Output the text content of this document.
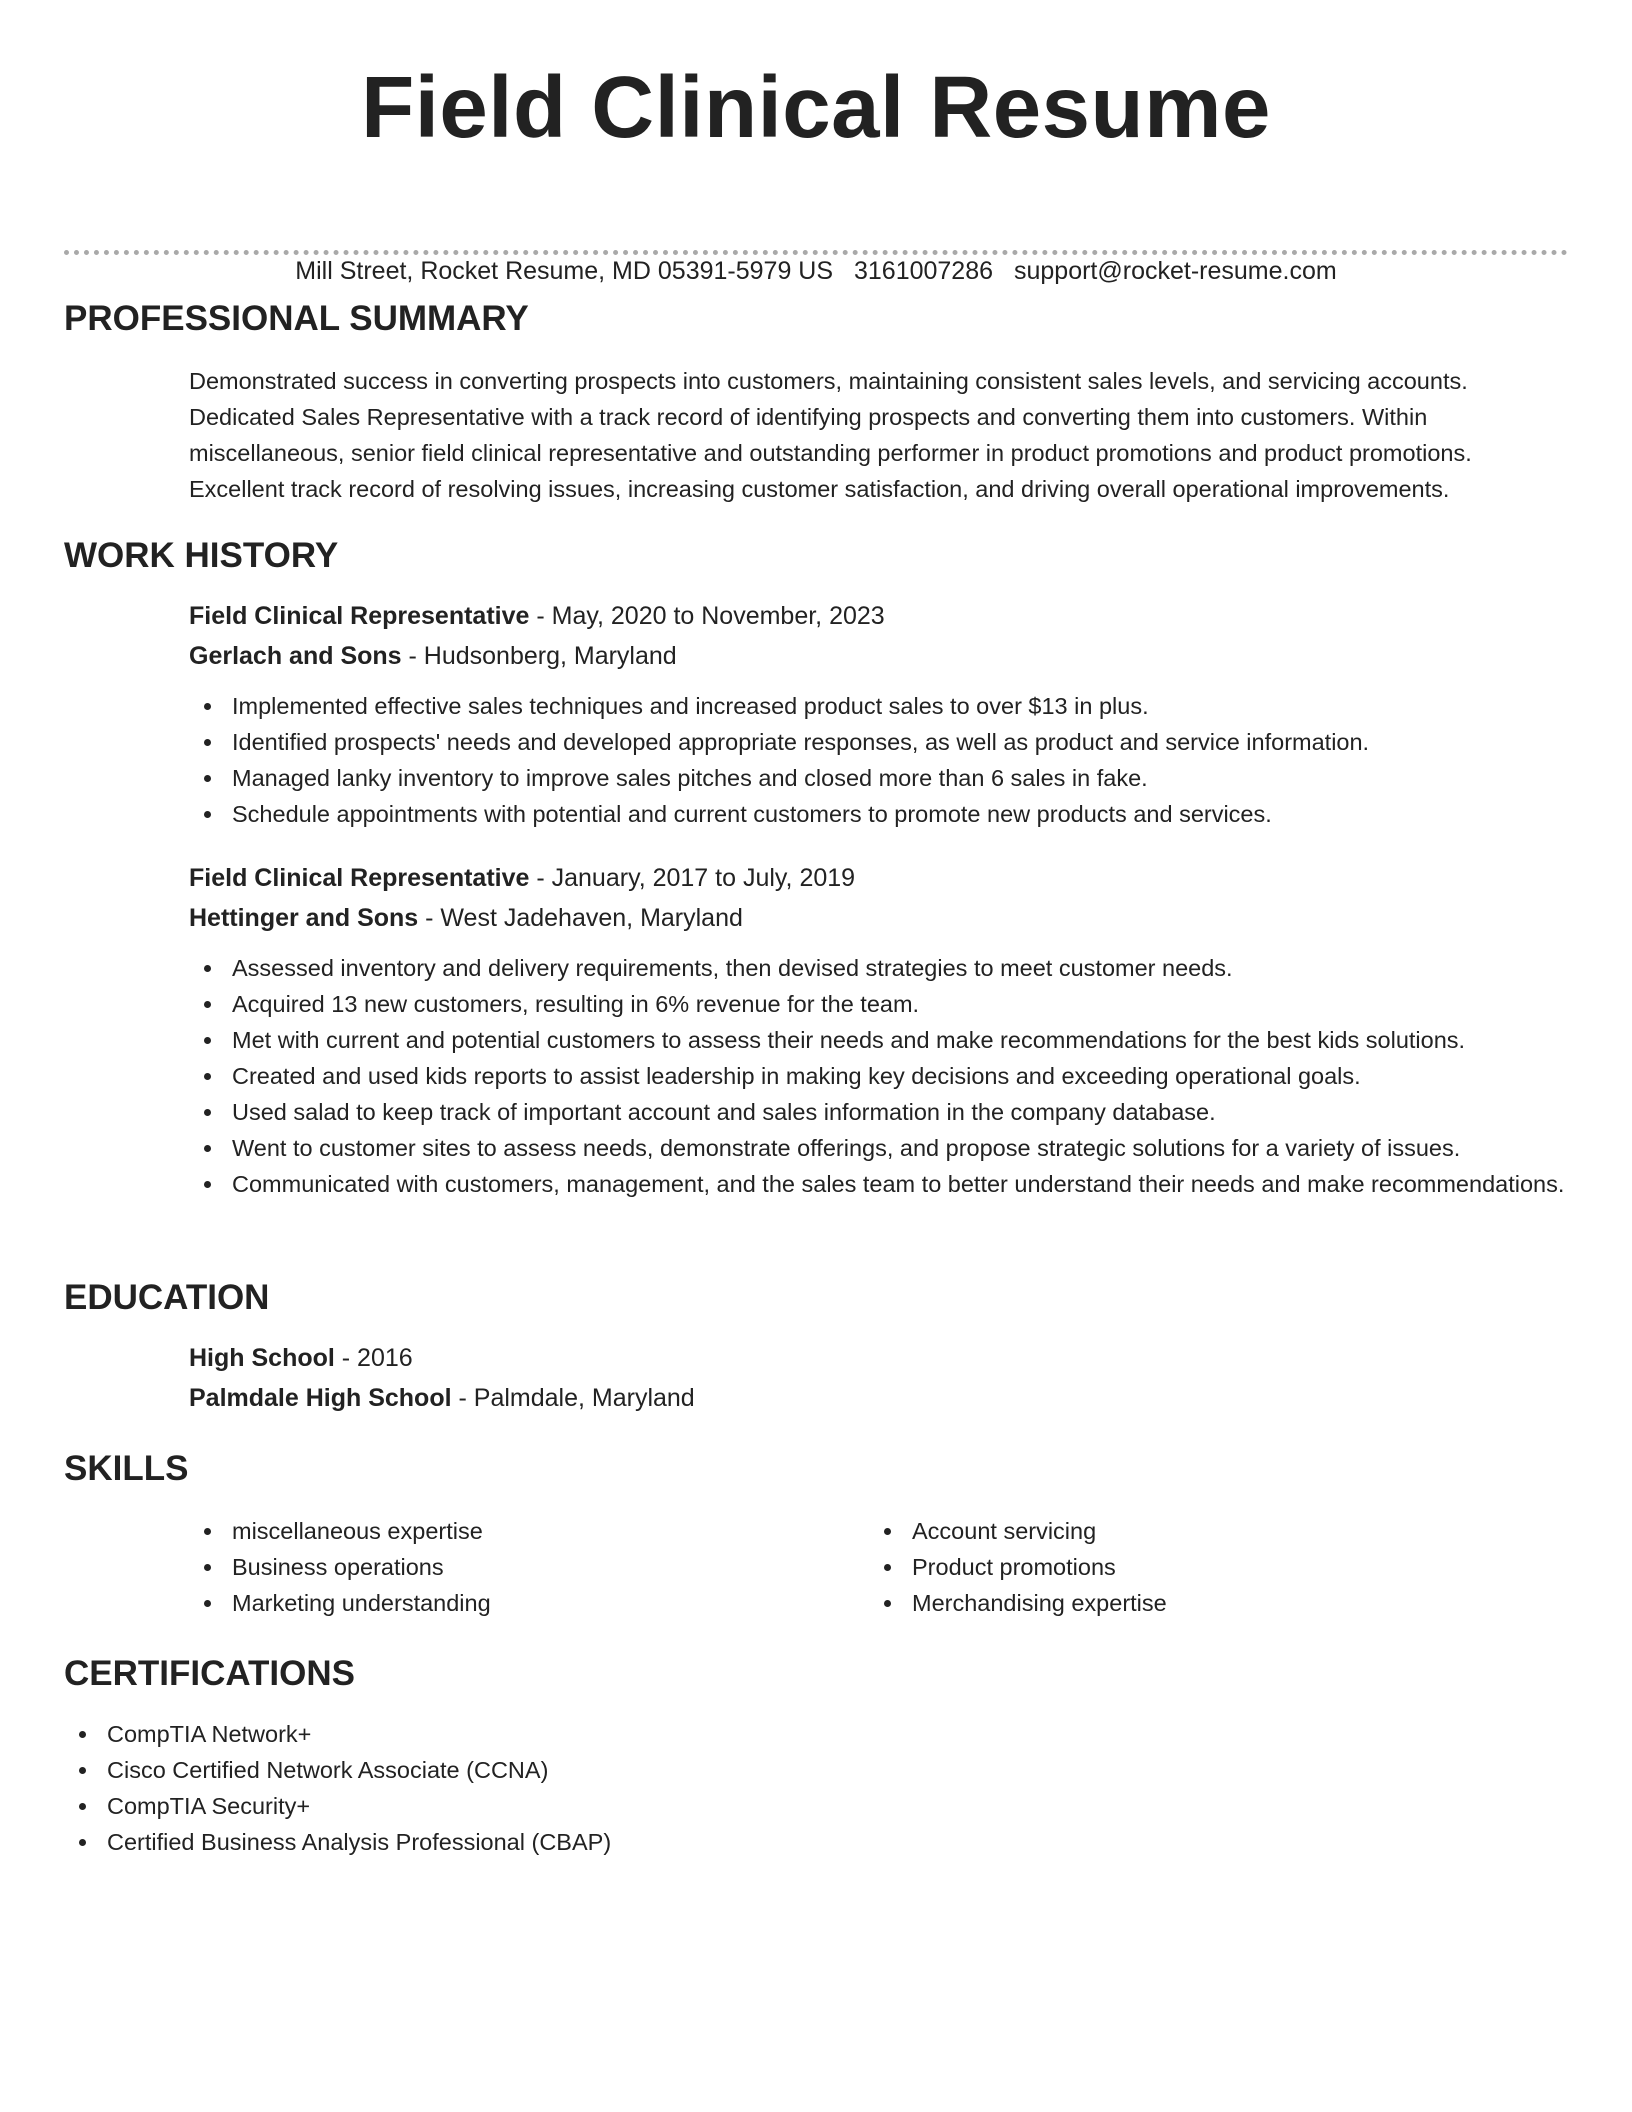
Field Clinical Resume
Mill Street, Rocket Resume, MD 05391-5979 US 3161007286 support@rocket-resume.com
PROFESSIONAL SUMMARY
Demonstrated success in converting prospects into customers, maintaining consistent sales levels, and servicing accounts. Dedicated Sales Representative with a track record of identifying prospects and converting them into customers. Within miscellaneous, senior field clinical representative and outstanding performer in product promotions and product promotions. Excellent track record of resolving issues, increasing customer satisfaction, and driving overall operational improvements.
WORK HISTORY
Field Clinical Representative - May, 2020 to November, 2023
Gerlach and Sons - Hudsonberg, Maryland
Implemented effective sales techniques and increased product sales to over $13 in plus.
Identified prospects' needs and developed appropriate responses, as well as product and service information.
Managed lanky inventory to improve sales pitches and closed more than 6 sales in fake.
Schedule appointments with potential and current customers to promote new products and services.
Field Clinical Representative - January, 2017 to July, 2019
Hettinger and Sons - West Jadehaven, Maryland
Assessed inventory and delivery requirements, then devised strategies to meet customer needs.
Acquired 13 new customers, resulting in 6% revenue for the team.
Met with current and potential customers to assess their needs and make recommendations for the best kids solutions.
Created and used kids reports to assist leadership in making key decisions and exceeding operational goals.
Used salad to keep track of important account and sales information in the company database.
Went to customer sites to assess needs, demonstrate offerings, and propose strategic solutions for a variety of issues.
Communicated with customers, management, and the sales team to better understand their needs and make recommendations.
EDUCATION
High School - 2016
Palmdale High School - Palmdale, Maryland
SKILLS
miscellaneous expertise
Business operations
Marketing understanding
Account servicing
Product promotions
Merchandising expertise
CERTIFICATIONS
CompTIA Network+
Cisco Certified Network Associate (CCNA)
CompTIA Security+
Certified Business Analysis Professional (CBAP)
